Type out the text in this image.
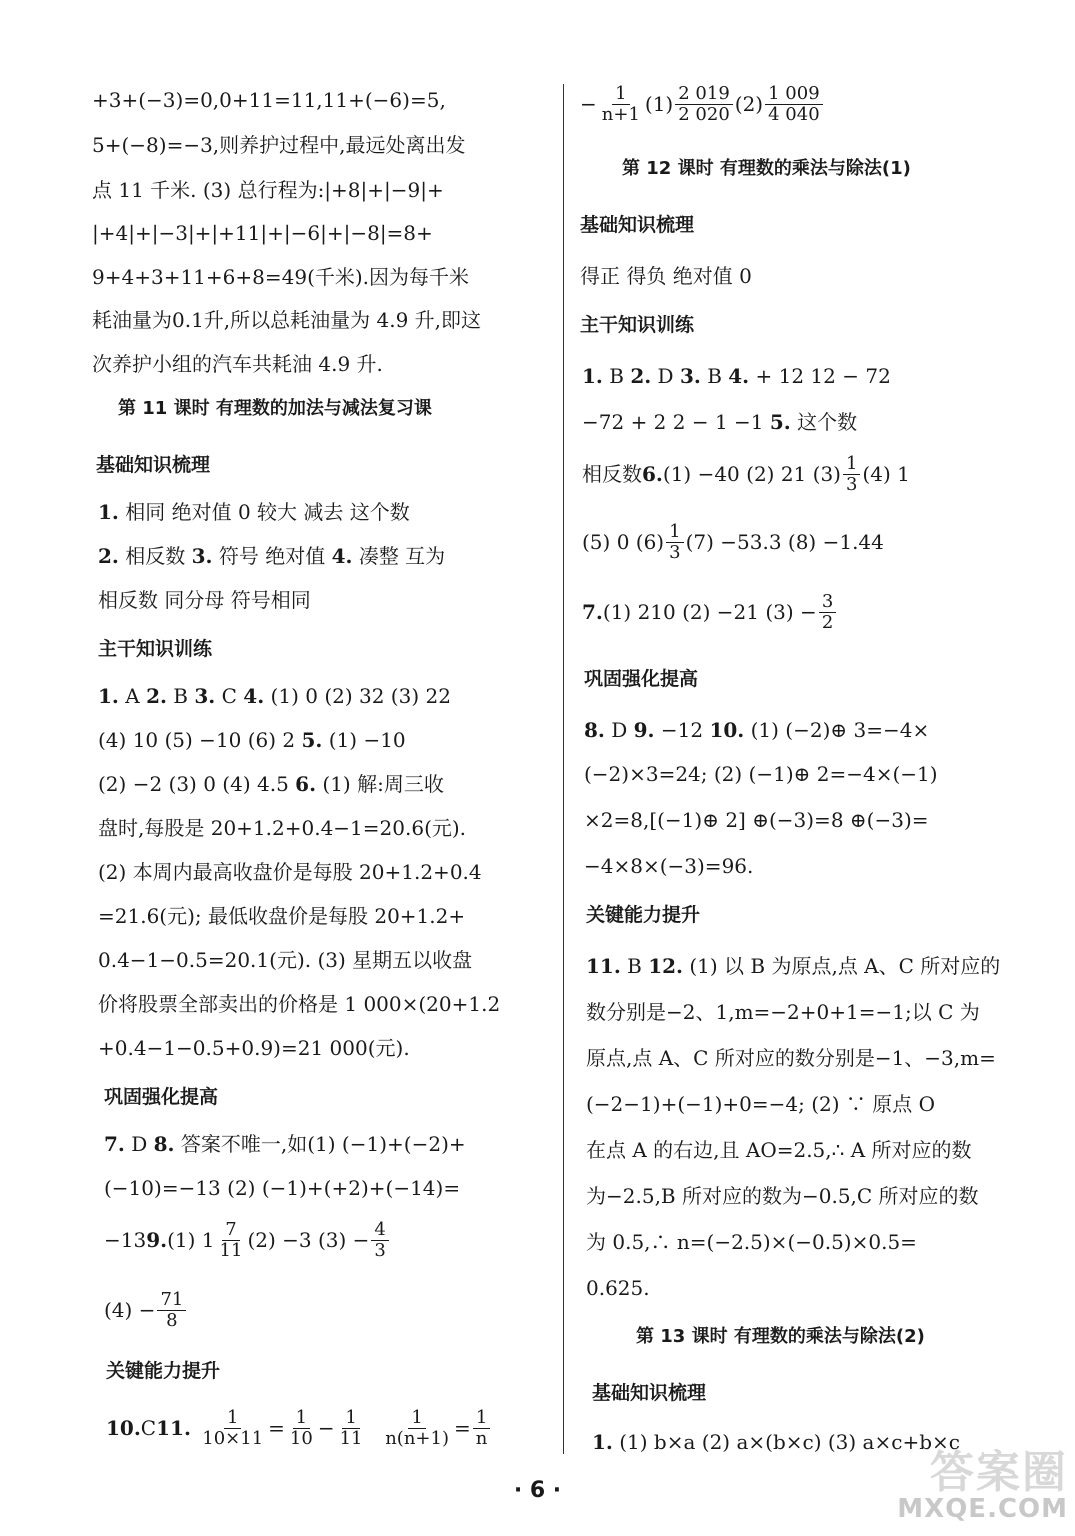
+3+(−3)=0,0+11=11,11+(−6)=5,
5+(−8)=−3,则养护过程中,最远处离出发
点 11 千米. (3) 总行程为:|+8|+|−9|+
|+4|+|−3|+|+11|+|−6|+|−8|=8+
9+4+3+11+6+8=49(千米).因为每千米
耗油量为0.1升,所以总耗油量为 4.9 升,即这
次养护小组的汽车共耗油 4.9 升.
第 11 课时 有理数的加法与减法复习课
基础知识梳理
1. 相同 绝对值 0 较大 减去 这个数
2. 相反数 3. 符号 绝对值 4. 凑整 互为
相反数 同分母 符号相同
主干知识训练
1. A 2. B 3. C 4. (1) 0 (2) 32 (3) 22
(4) 10 (5) −10 (6) 2 5. (1) −10
(2) −2 (3) 0 (4) 4.5 6. (1) 解:周三收
盘时,每股是 20+1.2+0.4−1=20.6(元).
(2) 本周内最高收盘价是每股 20+1.2+0.4
=21.6(元); 最低收盘价是每股 20+1.2+
0.4−1−0.5=20.1(元). (3) 星期五以收盘
价将股票全部卖出的价格是 1 000×(20+1.2
+0.4−1−0.5+0.9)=21 000(元).
巩固强化提高
7. D 8. 答案不唯一,如(1) (−1)+(−2)+
(−10)=−13 (2) (−1)+(+2)+(−14)=
−13 9. (1) $1 \frac{7}{11} (2) -3$ $(3) - \frac{4}{3}$
$(4) - \frac{71}{8}$
关键能力提升
10. C 11.
$\frac{1}{10\times 11} = \frac{1}{10} - \frac{1}{11}$
$\frac{1}{n(n+1)} = \frac{1}{n}$
− $\frac{1}{n+1} (1) \frac{2 019}{2 020} (2) \frac{1 009}{4 040}$
第 12 课时 有理数的乘法与除法(1)
基础知识梳理
得正 得负 绝对值 0
主干知识训练
1. B 2. D 3. B 4. + 12 12 − 72
−72 + 2 2 − 1 −1 5. 这个数
相反数 6. (1) −40 (2) 21 $(3) \frac{1}{3} (4)$ 1
(5) 0 $(6) \frac{1}{3} (7) -53.3$ (8) −1.44
7. (1) 210 (2) −21 $(3) - \frac{3}{2}$
巩固强化提高
8. D 9. −12 10. (1) (−2)⊕ 3=−4×
(−2)×3=24; (2) (−1)⊕ 2=−4×(−1)
×2=8,[(−1)⊕ 2] ⊕(−3)=8 ⊕(−3)=
−4×8×(−3)=96.
关键能力提升
11. B 12. (1) 以 B 为原点,点 A、C 所对应的
数分别是−2、1,m=−2+0+1=−1;以 C 为
原点,点 A、C 所对应的数分别是−1、−3,m=
(−2−1)+(−1)+0=−4; (2) ∵ 原点 O
在点 A 的右边,且 AO=2.5,∴ A 所对应的数
为−2.5,B 所对应的数为−0.5,C 所对应的数
为 0.5,∴ n=(−2.5)×(−0.5)×0.5=
0.625.
第 13 课时 有理数的乘法与除法(2)
基础知识梳理
1. (1) b×a (2) a×(b×c) (3) a×c+b×c
· 6 ·	答案圈
MXQE.COM
